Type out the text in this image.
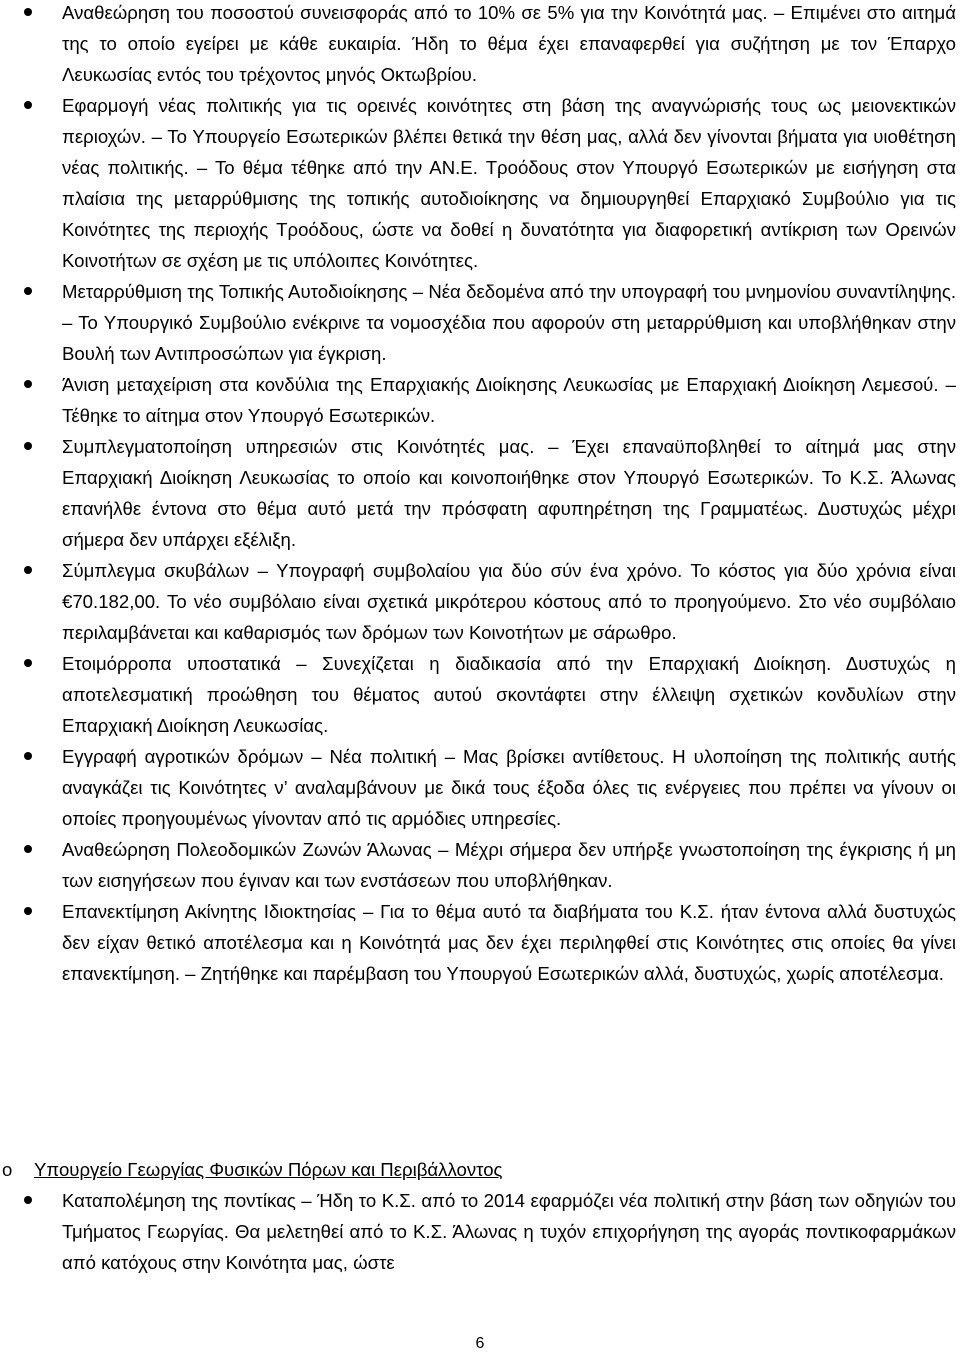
Αναθεώρηση του ποσοστού συνεισφοράς από το 10% σε 5% για την Κοινότητά μας. – Επιμένει στο αιτημά της το οποίο εγείρει με κάθε ευκαιρία. Ήδη το θέμα έχει επαναφερθεί για συζήτηση με τον Έπαρχο Λευκωσίας εντός του τρέχοντος μηνός Οκτωβρίου.
Εφαρμογή νέας πολιτικής για τις ορεινές κοινότητες στη βάση της αναγνώρισής τους ως μειονεκτικών περιοχών. – Το Υπουργείο Εσωτερικών βλέπει θετικά την θέση μας, αλλά δεν γίνονται βήματα για υιοθέτηση νέας πολιτικής. – Το θέμα τέθηκε από την ΑΝ.Ε. Τροόδους στον Υπουργό Εσωτερικών με εισήγηση στα πλαίσια της μεταρρύθμισης της τοπικής αυτοδιοίκησης να δημιουργηθεί Επαρχιακό Συμβούλιο για τις Κοινότητες της περιοχής Τροόδους, ώστε να δοθεί η δυνατότητα για διαφορετική αντίκριση των Ορεινών Κοινοτήτων σε σχέση με τις υπόλοιπες Κοινότητες.
Μεταρρύθμιση της Τοπικής Αυτοδιοίκησης – Νέα δεδομένα από την υπογραφή του μνημονίου συναντίληψης. – Το Υπουργικό Συμβούλιο ενέκρινε τα νομοσχέδια που αφορούν στη μεταρρύθμιση και υποβλήθηκαν στην Βουλή των Αντιπροσώπων για έγκριση.
Άνιση μεταχείριση στα κονδύλια της Επαρχιακής Διοίκησης Λευκωσίας με Επαρχιακή Διοίκηση Λεμεσού. – Τέθηκε το αίτημα στον Υπουργό Εσωτερικών.
Συμπλεγματοποίηση υπηρεσιών στις Κοινότητές μας. – Έχει επαναϋποβληθεί το αίτημά μας στην Επαρχιακή Διοίκηση Λευκωσίας το οποίο και κοινοποιήθηκε στον Υπουργό Εσωτερικών. Το Κ.Σ. Άλωνας επανήλθε έντονα στο θέμα αυτό μετά την πρόσφατη αφυπηρέτηση της Γραμματέως. Δυστυχώς μέχρι σήμερα δεν υπάρχει εξέλιξη.
Σύμπλεγμα σκυβάλων – Υπογραφή συμβολαίου για δύο σύν ένα χρόνο. Το κόστος για δύο χρόνια είναι €70.182,00. Το νέο συμβόλαιο είναι σχετικά μικρότερου κόστους από το προηγούμενο. Στο νέο συμβόλαιο περιλαμβάνεται και καθαρισμός των δρόμων των Κοινοτήτων με σάρωθρο.
Ετοιμόρροπα υποστατικά – Συνεχίζεται η διαδικασία από την Επαρχιακή Διοίκηση. Δυστυχώς η αποτελεσματική προώθηση του θέματος αυτού σκοντάφτει στην έλλειψη σχετικών κονδυλίων στην Επαρχιακή Διοίκηση Λευκωσίας.
Εγγραφή αγροτικών δρόμων – Νέα πολιτική – Μας βρίσκει αντίθετους. Η υλοποίηση της πολιτικής αυτής αναγκάζει τις Κοινότητες ν’ αναλαμβάνουν με δικά τους έξοδα όλες τις ενέργειες που πρέπει να γίνουν οι οποίες προηγουμένως γίνονταν από τις αρμόδιες υπηρεσίες.
Αναθεώρηση Πολεοδομικών Ζωνών Άλωνας – Μέχρι σήμερα δεν υπήρξε γνωστοποίηση της έγκρισης ή μη των εισηγήσεων που έγιναν και των ενστάσεων που υποβλήθηκαν.
Επανεκτίμηση Ακίνητης Ιδιοκτησίας – Για το θέμα αυτό τα διαβήματα του Κ.Σ. ήταν έντονα αλλά δυστυχώς δεν είχαν θετικό αποτέλεσμα και η Κοινότητά μας δεν έχει περιληφθεί στις Κοινότητες στις οποίες θα γίνει επανεκτίμηση. – Ζητήθηκε και παρέμβαση του Υπουργού Εσωτερικών αλλά, δυστυχώς, χωρίς αποτέλεσμα.
o Υπουργείο Γεωργίας Φυσικών Πόρων και Περιβάλλοντος
Καταπολέμηση της ποντίκας – Ήδη το Κ.Σ. από το 2014 εφαρμόζει νέα πολιτική στην βάση των οδηγιών του Τμήματος Γεωργίας. Θα μελετηθεί από το Κ.Σ. Άλωνας η τυχόν επιχορήγηση της αγοράς ποντικοφαρμάκων από κατόχους στην Κοινότητα μας, ώστε
6
